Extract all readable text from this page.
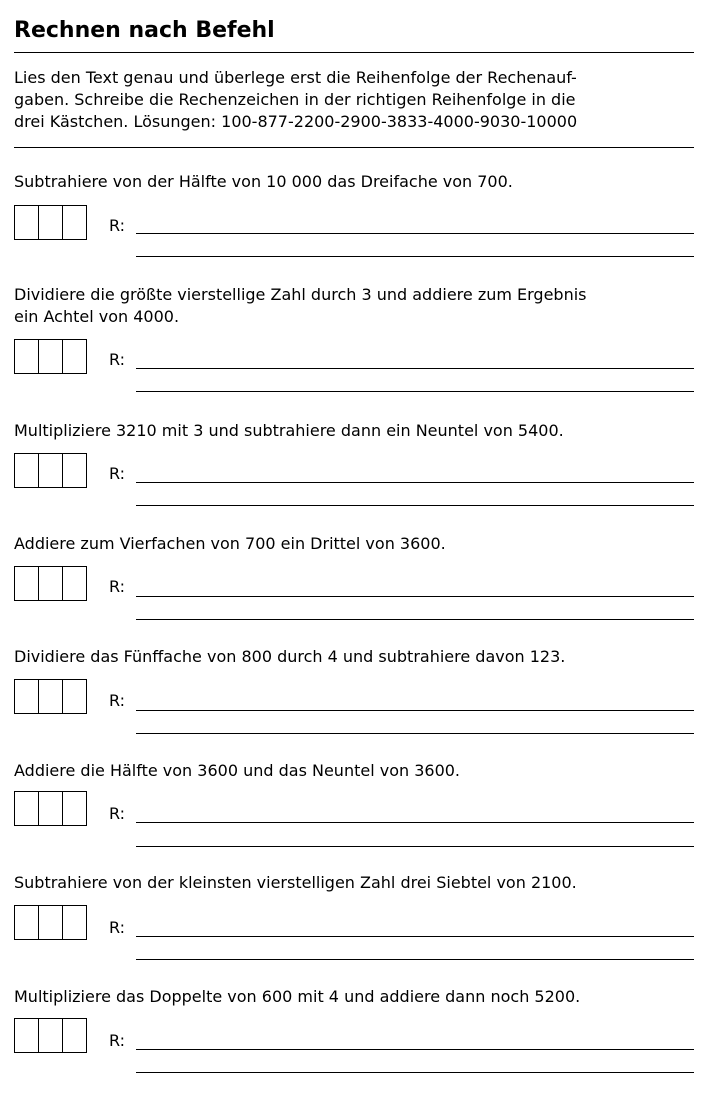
Rechnen nach Befehl
Lies den Text genau und überlege erst die Reihenfolge der Rechenauf-
gaben. Schreibe die Rechenzeichen in der richtigen Reihenfolge in die
drei Kästchen. Lösungen: 100-877-2200-2900-3833-4000-9030-10000
Subtrahiere von der Hälfte von 10 000 das Dreifache von 700.
R:
Dividiere die größte vierstellige Zahl durch 3 und addiere zum Ergebnis
ein Achtel von 4000.
R:
Multipliziere 3210 mit 3 und subtrahiere dann ein Neuntel von 5400.
R:
Addiere zum Vierfachen von 700 ein Drittel von 3600.
R:
Dividiere das Fünffache von 800 durch 4 und subtrahiere davon 123.
R:
Addiere die Hälfte von 3600 und das Neuntel von 3600.
R:
Subtrahiere von der kleinsten vierstelligen Zahl drei Siebtel von 2100.
R:
Multipliziere das Doppelte von 600 mit 4 und addiere dann noch 5200.
R:
